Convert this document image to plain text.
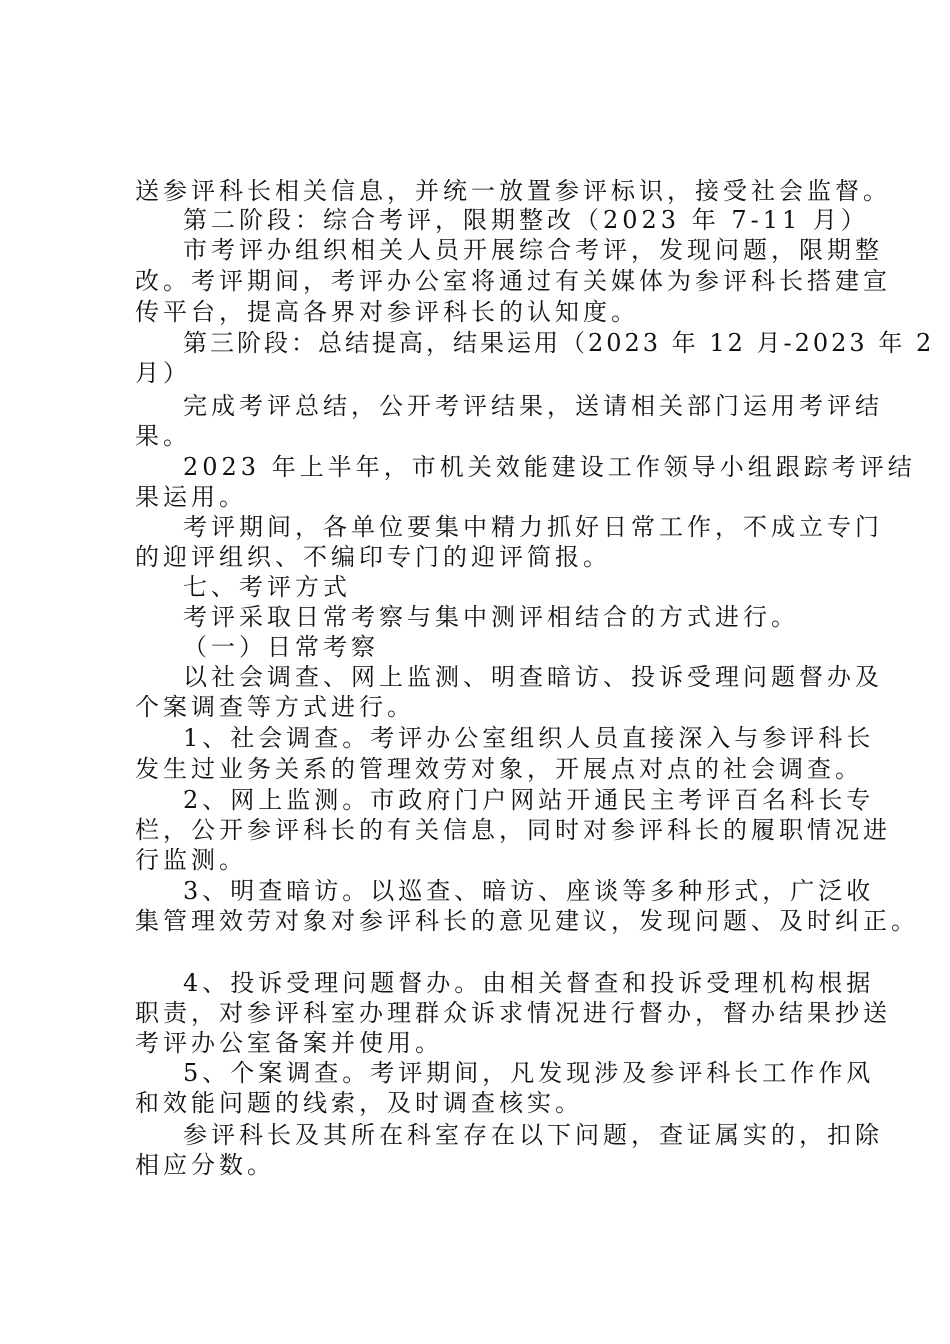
送参评科长相关信息，并统一放置参评标识，接受社会监督。
第二阶段：综合考评，限期整改（2023 年 7-11 月）
市考评办组织相关人员开展综合考评，发现问题，限期整
改。考评期间，考评办公室将通过有关媒体为参评科长搭建宣
传平台，提高各界对参评科长的认知度。
第三阶段：总结提高，结果运用（2023 年 12 月-2023 年 2
月）
完成考评总结，公开考评结果，送请相关部门运用考评结
果。
2023 年上半年，市机关效能建设工作领导小组跟踪考评结
果运用。
考评期间，各单位要集中精力抓好日常工作，不成立专门
的迎评组织、不编印专门的迎评简报。
七、考评方式
考评采取日常考察与集中测评相结合的方式进行。
（一）日常考察
以社会调查、网上监测、明查暗访、投诉受理问题督办及
个案调查等方式进行。
1、社会调查。考评办公室组织人员直接深入与参评科长
发生过业务关系的管理效劳对象，开展点对点的社会调查。
2、网上监测。市政府门户网站开通民主考评百名科长专
栏，公开参评科长的有关信息，同时对参评科长的履职情况进
行监测。
3、明查暗访。以巡查、暗访、座谈等多种形式，广泛收
集管理效劳对象对参评科长的意见建议，发现问题、及时纠正。
4、投诉受理问题督办。由相关督查和投诉受理机构根据
职责，对参评科室办理群众诉求情况进行督办，督办结果抄送
考评办公室备案并使用。
5、个案调查。考评期间，凡发现涉及参评科长工作作风
和效能问题的线索，及时调查核实。
参评科长及其所在科室存在以下问题，查证属实的，扣除
相应分数。
